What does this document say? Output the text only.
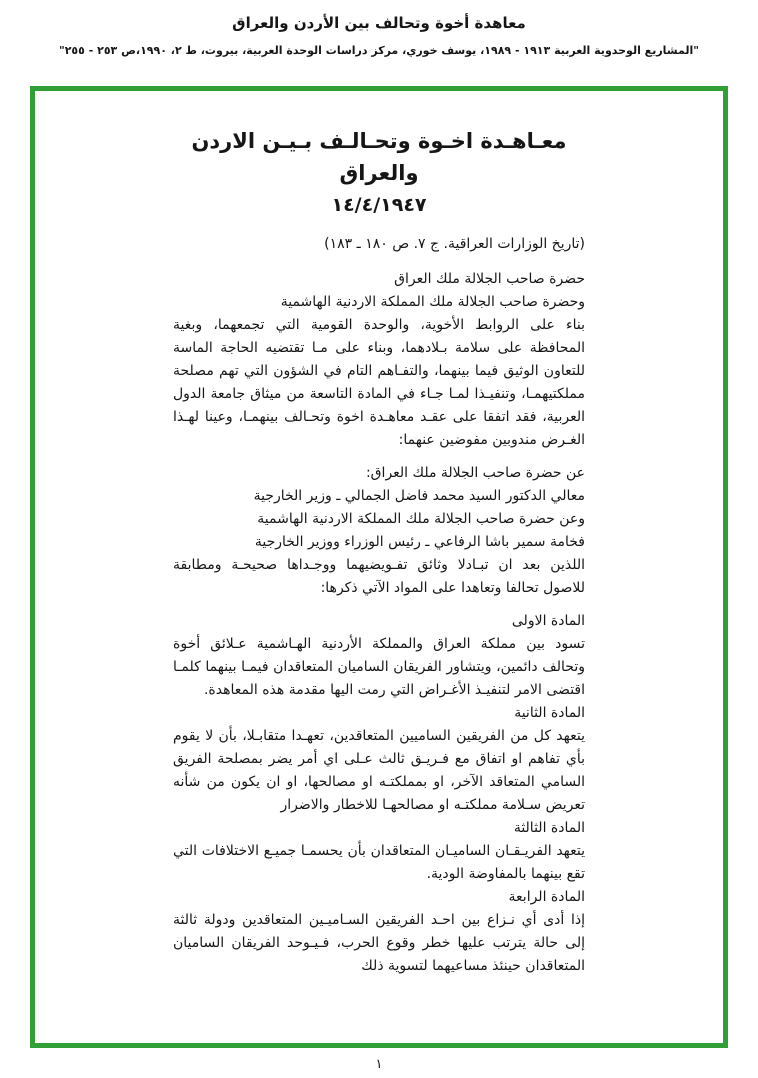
معاهدة أخوة وتحالف بين الأردن والعراق
"المشاريع الوحدوية العربية ١٩١٣ - ١٩٨٩، يوسف خوري، مركز دراسات الوحدة العربية، بيروت، ط ٢، ١٩٩٠،ص ٢٥٣ - ٢٥٥"
معـاهـدة اخـوة وتحـالـف بـيـن الاردن
والعراق
١٤/٤/١٩٤٧
(تاريخ الوزارات العراقية. ج ٧. ص ١٨٠ ـ ١٨٣)
حضرة صاحب الجلالة ملك العراق
وحضرة صاحب الجلالة ملك المملكة الاردنية الهاشمية
بناء على الروابط الأخوية، والوحدة القومية التي تجمعهما، وبغية المحافظة على سلامة بـلادهما، وبناء على مـا تقتضيه الحاجة الماسة للتعاون الوثيق فيما بينهما، والتفـاهم التام في الشؤون التي تهم مصلحة مملكتيهمـا، وتنفيـذا لمـا جـاء في المادة التاسعة من ميثاق جامعة الدول العربية، فقد اتفقا على عقـد معاهـدة اخوة وتحـالف بينهمـا، وعينا لهـذا الغـرض مندوبين مفوضين عنهما:
عن حضرة صاحب الجلالة ملك العراق:
معالي الدكتور السيد محمد فاضل الجمالي ـ وزير الخارجية
وعن حضرة صاحب الجلالة ملك المملكة الاردنية الهاشمية
فخامة سمير باشا الرفاعي ـ رئيس الوزراء ووزير الخارجية
اللذين بعد ان تبـادلا وثائق تفـويضيهما ووجـداها صحيحـة ومطابقة للاصول تحالفا وتعاهدا على المواد الآتي ذكرها:
المادة الاولى
تسود بين مملكة العراق والمملكة الأردنية الهـاشمية عـلائق أخوة وتحالف دائمين، ويتشاور الفريقان الساميان المتعاقدان فيمـا بينهما كلمـا اقتضى الامر لتنفيـذ الأغـراض التي رمت اليها مقدمة هذه المعاهدة.
المادة الثانية
يتعهد كل من الفريقين الساميين المتعاقدين، تعهـدا متقابـلا، بأن لا يقوم بأي تفاهم او اتفاق مع فـريـق ثالث عـلى اي أمر يضر بمصلحة الفريق السامي المتعاقد الآخر، او بمملكتـه او مصالحها، او ان يكون من شأنه تعريض سـلامة مملكتـه او مصالحهـا للاخطار والاضرار
المادة الثالثة
يتعهد الفريـقـان الساميـان المتعاقدان بأن يحسمـا جميـع الاختلافات التي تقع بينهما بالمفاوضة الودية.
المادة الرابعة
إذا أدى أي نـزاع بين احـد الفريقين السـاميـين المتعاقدين ودولة ثالثة إلى حالة يترتب عليها خطر وقوع الحرب، فـيـوحد الفريقان الساميان المتعاقدان حينئذ مساعيهما لتسوية ذلك
١
